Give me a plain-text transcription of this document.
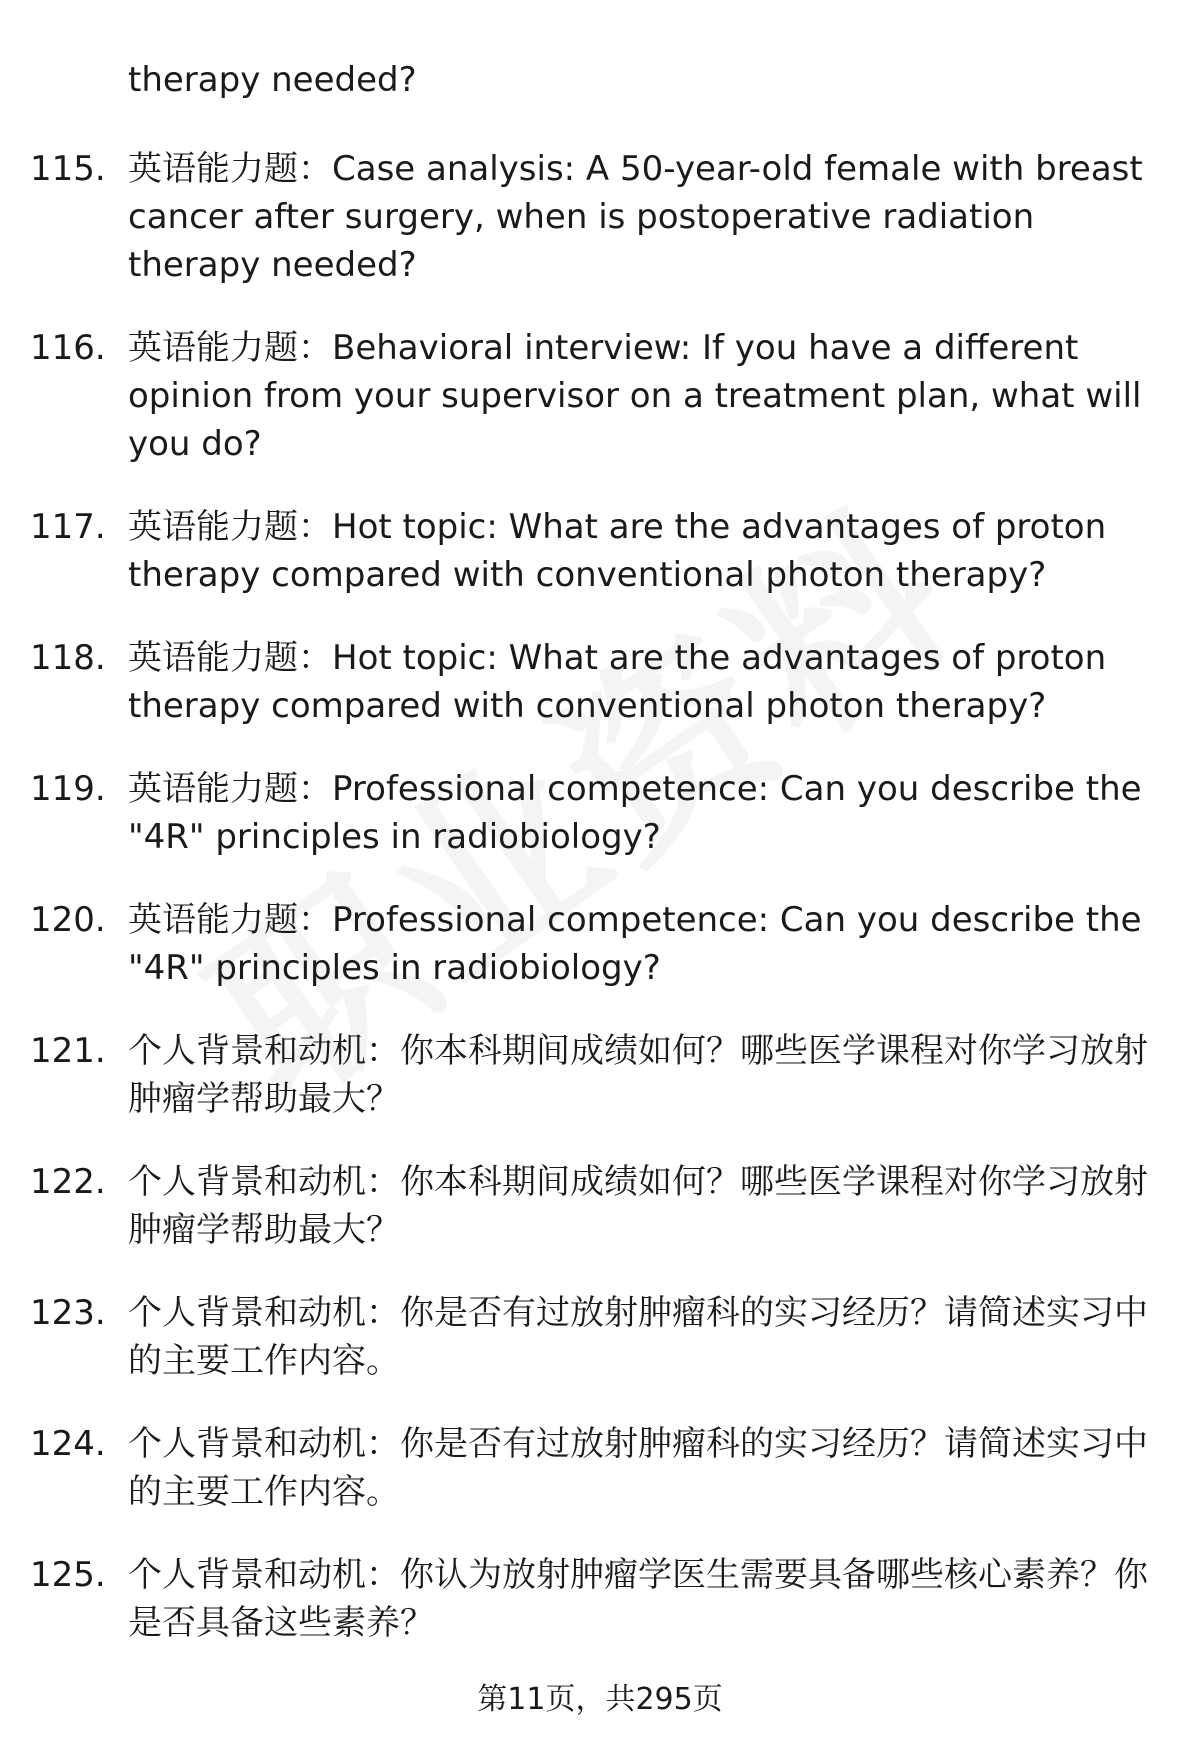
therapy needed?

115. 英语能力题：Case analysis: A 50-year-old female with breast cancer after surgery, when is postoperative radiation therapy needed?
116. 英语能力题：Behavioral interview: If you have a different opinion from your supervisor on a treatment plan, what will you do?
117. 英语能力题：Hot topic: What are the advantages of proton therapy compared with conventional photon therapy?
118. 英语能力题：Hot topic: What are the advantages of proton therapy compared with conventional photon therapy?
119. 英语能力题：Professional competence: Can you describe the "4R" principles in radiobiology?
120. 英语能力题：Professional competence: Can you describe the "4R" principles in radiobiology?
121. 个人背景和动机：你本科期间成绩如何？哪些医学课程对你学习放射肿瘤学帮助最大？
122. 个人背景和动机：你本科期间成绩如何？哪些医学课程对你学习放射肿瘤学帮助最大？
123. 个人背景和动机：你是否有过放射肿瘤科的实习经历？请简述实习中的主要工作内容。
124. 个人背景和动机：你是否有过放射肿瘤科的实习经历？请简述实习中的主要工作内容。
125. 个人背景和动机：你认为放射肿瘤学医生需要具备哪些核心素养？你是否具备这些素养？
第11页，共295页
